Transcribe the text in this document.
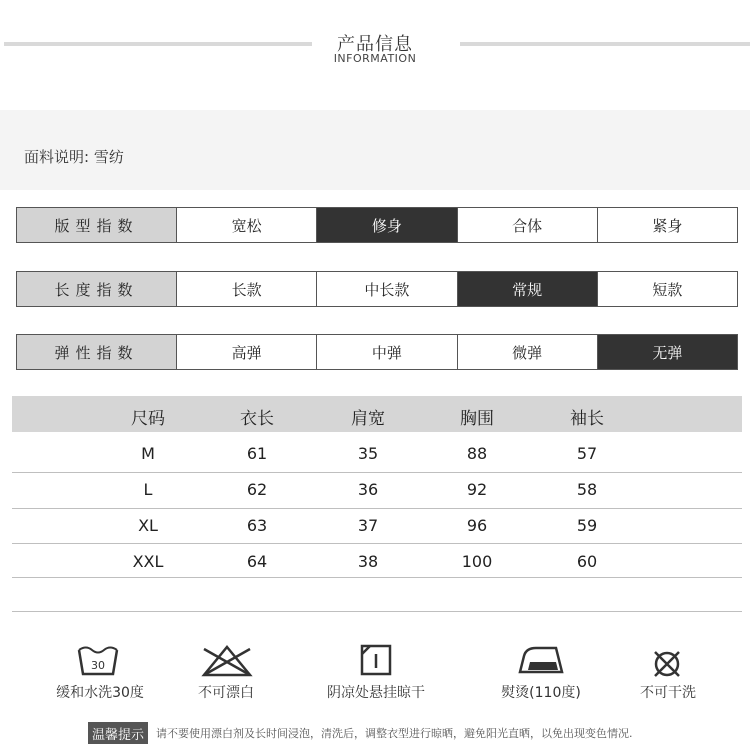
产品信息
INFORMATION
面料说明: 雪纺
版型指数	宽松	修身	合体	紧身
长度指数	长款	中长款	常规	短款
弹性指数	高弹	中弹	微弹	无弹
尺码	衣长	肩宽	胸围	袖长
M	61	35	88	57
L	62	36	92	58
XL	63	37	96	59
XXL	64	38	100	60
30
缓和水洗30度	不可漂白	阴凉处悬挂晾干	熨烫(110度)	不可干洗
温馨提示	请不要使用漂白剂及长时间浸泡，清洗后，调整衣型进行晾晒，避免阳光直晒，以免出现变色情况.
